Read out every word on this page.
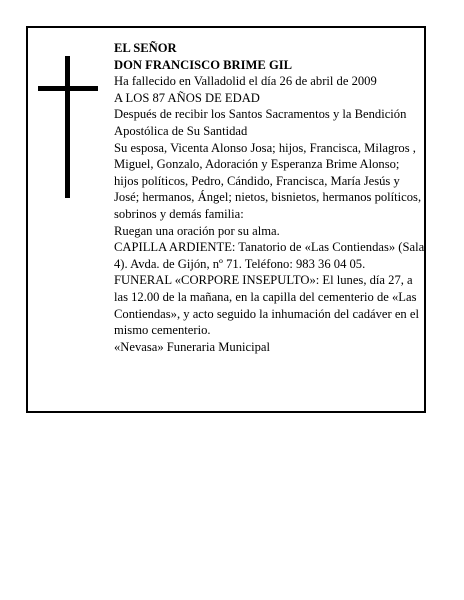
EL SEÑOR

DON FRANCISCO BRIME GIL

Ha fallecido en Valladolid el día 26 de abril de 2009

A LOS 87 AÑOS DE EDAD

Después de recibir los Santos Sacramentos y la Bendición Apostólica de Su Santidad

Su esposa, Vicenta Alonso Josa; hijos, Francisca, Milagros , Miguel, Gonzalo, Adoración y Esperanza Brime Alonso; hijos políticos, Pedro, Cándido, Francisca, María Jesús y José; hermanos, Ángel; nietos, bisnietos, hermanos políticos, sobrinos y demás familia:

Ruegan una oración por su alma.

CAPILLA ARDIENTE: Tanatorio de «Las Contiendas» (Sala 4). Avda. de Gijón, nº 71. Teléfono: 983 36 04 05.

FUNERAL «CORPORE INSEPULTO»: El lunes, día 27, a las 12.00 de la mañana, en la capilla del cementerio de «Las Contiendas», y acto seguido la inhumación del cadáver en el mismo cementerio.

«Nevasa» Funeraria Municipal
